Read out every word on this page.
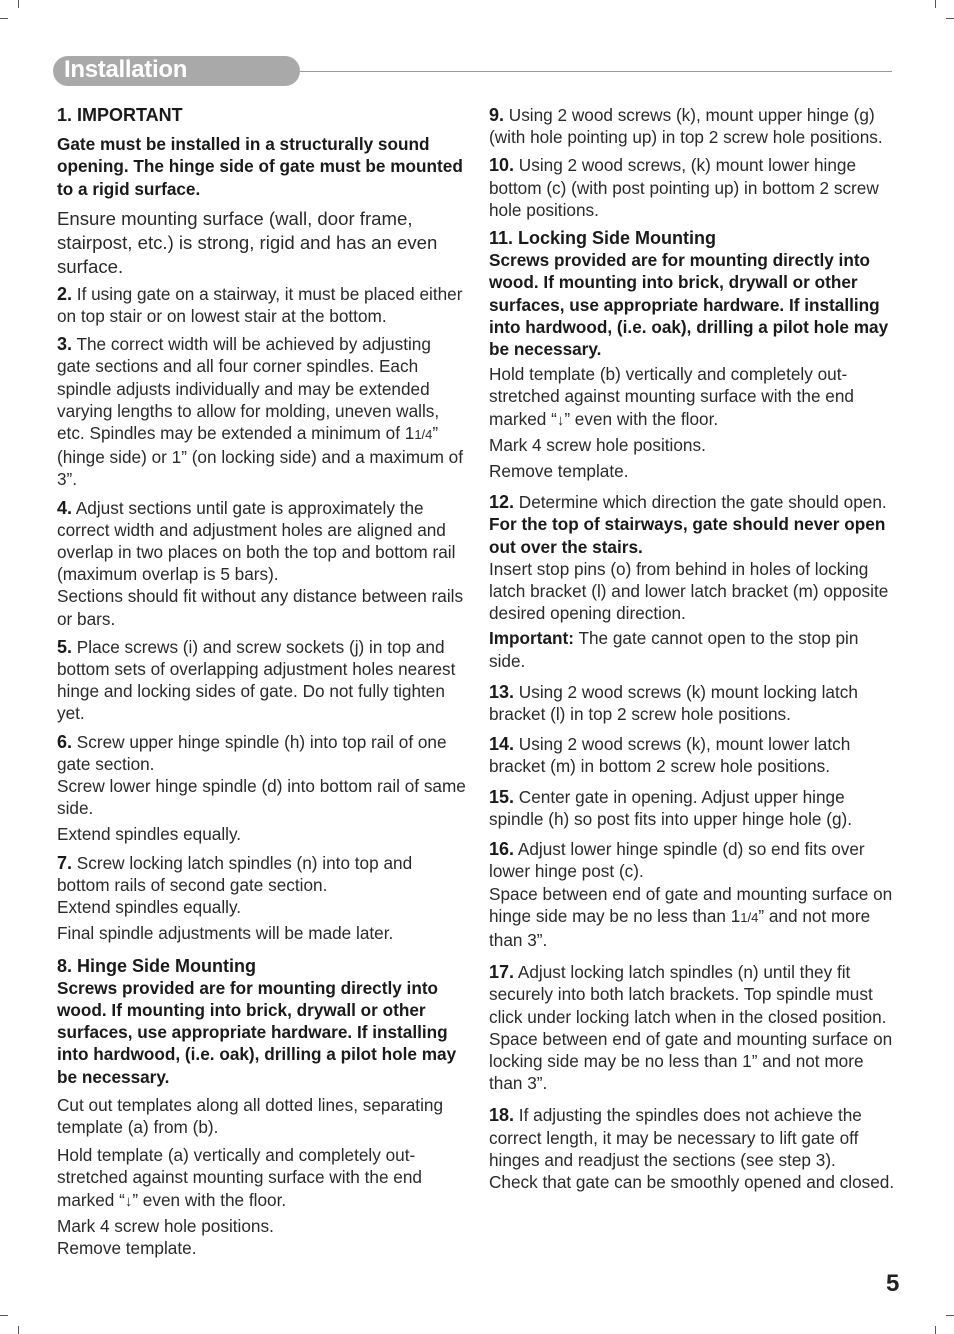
Installation

1. IMPORTANT

Gate must be installed in a structurally sound opening. The hinge side of gate must be mounted to a rigid surface.

Ensure mounting surface (wall, door frame, stairpost, etc.) is strong, rigid and has an even surface.

2. If using gate on a stairway, it must be placed either on top stair or on lowest stair at the bottom.

3. The correct width will be achieved by adjusting gate sections and all four corner spindles. Each spindle adjusts individually and may be extended varying lengths to allow for molding, uneven walls, etc. Spindles may be extended a minimum of 11/4” (hinge side) or 1” (on locking side) and a maximum of 3”.

4. Adjust sections until gate is approximately the correct width and adjustment holes are aligned and overlap in two places on both the top and bottom rail (maximum overlap is 5 bars).

Sections should fit without any distance between rails or bars.

5. Place screws (i) and screw sockets (j) in top and bottom sets of overlapping adjustment holes nearest hinge and locking sides of gate. Do not fully tighten yet.

6. Screw upper hinge spindle (h) into top rail of one gate section.

Screw lower hinge spindle (d) into bottom rail of same side.

Extend spindles equally.

7. Screw locking latch spindles (n) into top and bottom rails of second gate section.

Extend spindles equally.

Final spindle adjustments will be made later.

8. Hinge Side Mounting

Screws provided are for mounting directly into wood. If mounting into brick, drywall or other surfaces, use appropriate hardware. If installing into hardwood, (i.e. oak), drilling a pilot hole may be necessary.

Cut out templates along all dotted lines, separating template (a) from (b).

Hold template (a) vertically and completely out-stretched against mounting surface with the end marked “↓” even with the floor.

Mark 4 screw hole positions.

Remove template.

9. Using 2 wood screws (k), mount upper hinge (g) (with hole pointing up) in top 2 screw hole positions.

10. Using 2 wood screws, (k) mount lower hinge bottom (c) (with post pointing up) in bottom 2 screw hole positions.

11. Locking Side Mounting

Screws provided are for mounting directly into wood. If mounting into brick, drywall or other surfaces, use appropriate hardware. If installing into hardwood, (i.e. oak), drilling a pilot hole may be necessary.

Hold template (b) vertically and completely out-stretched against mounting surface with the end marked “↓” even with the floor.

Mark 4 screw hole positions.

Remove template.

12. Determine which direction the gate should open. For the top of stairways, gate should never open out over the stairs.

Insert stop pins (o) from behind in holes of locking latch bracket (l) and lower latch bracket (m) opposite desired opening direction.

Important: The gate cannot open to the stop pin side.

13. Using 2 wood screws (k) mount locking latch bracket (l) in top 2 screw hole positions.

14. Using 2 wood screws (k), mount lower latch bracket (m) in bottom 2 screw hole positions.

15. Center gate in opening. Adjust upper hinge spindle (h) so post fits into upper hinge hole (g).

16. Adjust lower hinge spindle (d) so end fits over lower hinge post (c).

Space between end of gate and mounting surface on hinge side may be no less than 11/4” and not more than 3”.

17. Adjust locking latch spindles (n) until they fit securely into both latch brackets. Top spindle must click under locking latch when in the closed position.

Space between end of gate and mounting surface on locking side may be no less than 1” and not more than 3”.

18. If adjusting the spindles does not achieve the correct length, it may be necessary to lift gate off hinges and readjust the sections (see step 3).

Check that gate can be smoothly opened and closed.

5
